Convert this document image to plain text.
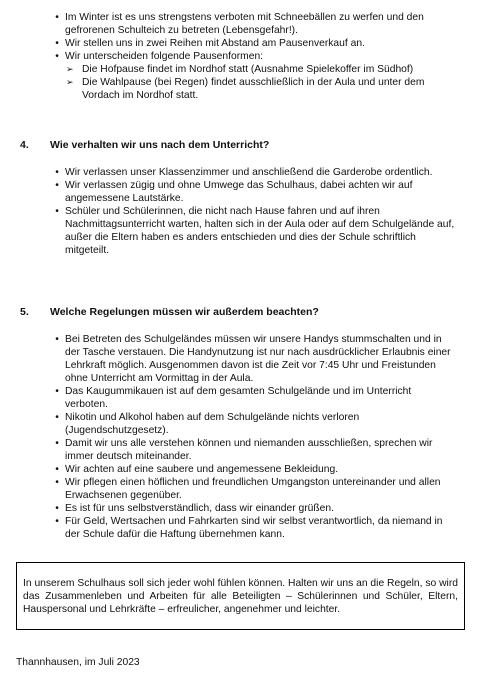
• Im Winter ist es uns strengstens verboten mit Schneebällen zu werfen und den gefrorenen Schulteich zu betreten (Lebensgefahr!).
• Wir stellen uns in zwei Reihen mit Abstand am Pausenverkauf an.
• Wir unterscheiden folgende Pausenformen:
➢ Die Hofpause findet im Nordhof statt (Ausnahme Spielekoffer im Südhof)
➢ Die Wahlpause (bei Regen) findet ausschließlich in der Aula und unter dem Vordach im Nordhof statt.
4. Wie verhalten wir uns nach dem Unterricht?
• Wir verlassen unser Klassenzimmer und anschließend die Garderobe ordentlich.
• Wir verlassen zügig und ohne Umwege das Schulhaus, dabei achten wir auf angemessene Lautstärke.
• Schüler und Schülerinnen, die nicht nach Hause fahren und auf ihren Nachmittagsunterricht warten, halten sich in der Aula oder auf dem Schulgelände auf, außer die Eltern haben es anders entschieden und dies der Schule schriftlich mitgeteilt.
5. Welche Regelungen müssen wir außerdem beachten?
• Bei Betreten des Schulgeländes müssen wir unsere Handys stummschalten und in der Tasche verstauen. Die Handynutzung ist nur nach ausdrücklicher Erlaubnis einer Lehrkraft möglich. Ausgenommen davon ist die Zeit vor 7:45 Uhr und Freistunden ohne Unterricht am Vormittag in der Aula.
• Das Kaugummikauen ist auf dem gesamten Schulgelände und im Unterricht verboten.
• Nikotin und Alkohol haben auf dem Schulgelände nichts verloren (Jugendschutzgesetz).
• Damit wir uns alle verstehen können und niemanden ausschließen, sprechen wir immer deutsch miteinander.
• Wir achten auf eine saubere und angemessene Bekleidung.
• Wir pflegen einen höflichen und freundlichen Umgangston untereinander und allen Erwachsenen gegenüber.
• Es ist für uns selbstverständlich, dass wir einander grüßen.
• Für Geld, Wertsachen und Fahrkarten sind wir selbst verantwortlich, da niemand in der Schule dafür die Haftung übernehmen kann.

In unserem Schulhaus soll sich jeder wohl fühlen können. Halten wir uns an die Regeln, so wird das Zusammenleben und Arbeiten für alle Beteiligten – Schülerinnen und Schüler, Eltern, Hauspersonal und Lehrkräfte – erfreulicher, angenehmer und leichter.

Thannhausen, im Juli 2023
